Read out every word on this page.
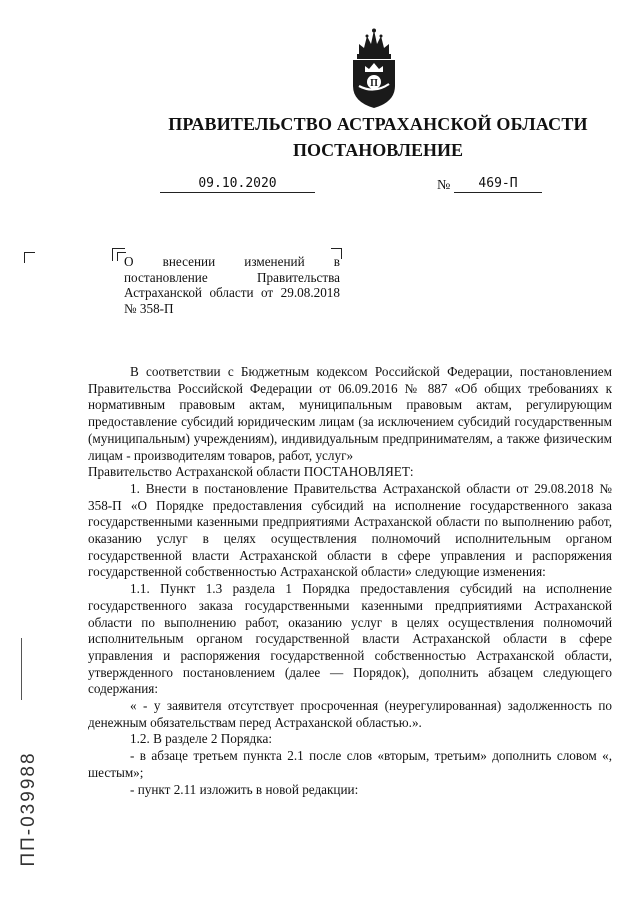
П
ПРАВИТЕЛЬСТВО АСТРАХАНСКОЙ ОБЛАСТИ
ПОСТАНОВЛЕНИЕ
09.10.2020	№	469-П

О внесении изменений в постановление Правительства Астраханской области от 29.08.2018 № 358-П

В соответствии с Бюджетным кодексом Российской Федерации, постановлением Правительства Российской Федерации от 06.09.2016 № 887 «Об общих требованиях к нормативным правовым актам, муниципальным правовым актам, регулирующим предоставление субсидий юридическим лицам (за исключением субсидий государственным (муниципальным) учреждениям), индивидуальным предпринимателям, а также физическим лицам - производителям товаров, работ, услуг»

Правительство Астраханской области ПОСТАНОВЛЯЕТ:

1. Внести в постановление Правительства Астраханской области от 29.08.2018 № 358-П «О Порядке предоставления субсидий на исполнение государственного заказа государственными казенными предприятиями Астраханской области по выполнению работ, оказанию услуг в целях осуществления полномочий исполнительным органом государственной власти Астраханской области в сфере управления и распоряжения государственной собственностью Астраханской области» следующие изменения:

1.1. Пункт 1.3 раздела 1 Порядка предоставления субсидий на исполнение государственного заказа государственными казенными предприятиями Астраханской области по выполнению работ, оказанию услуг в целях осуществления полномочий исполнительным органом государственной власти Астраханской области в сфере управления и распоряжения государственной собственностью Астраханской области, утвержденного постановлением (далее — Порядок), дополнить абзацем следующего содержания:

« - у заявителя отсутствует просроченная (неурегулированная) задолженность по денежным обязательствам перед Астраханской областью.».

1.2. В разделе 2 Порядка:

- в абзаце третьем пункта 2.1 после слов «вторым, третьим» дополнить словом «, шестым»;

- пункт 2.11 изложить в новой редакции:

ПП-039988
